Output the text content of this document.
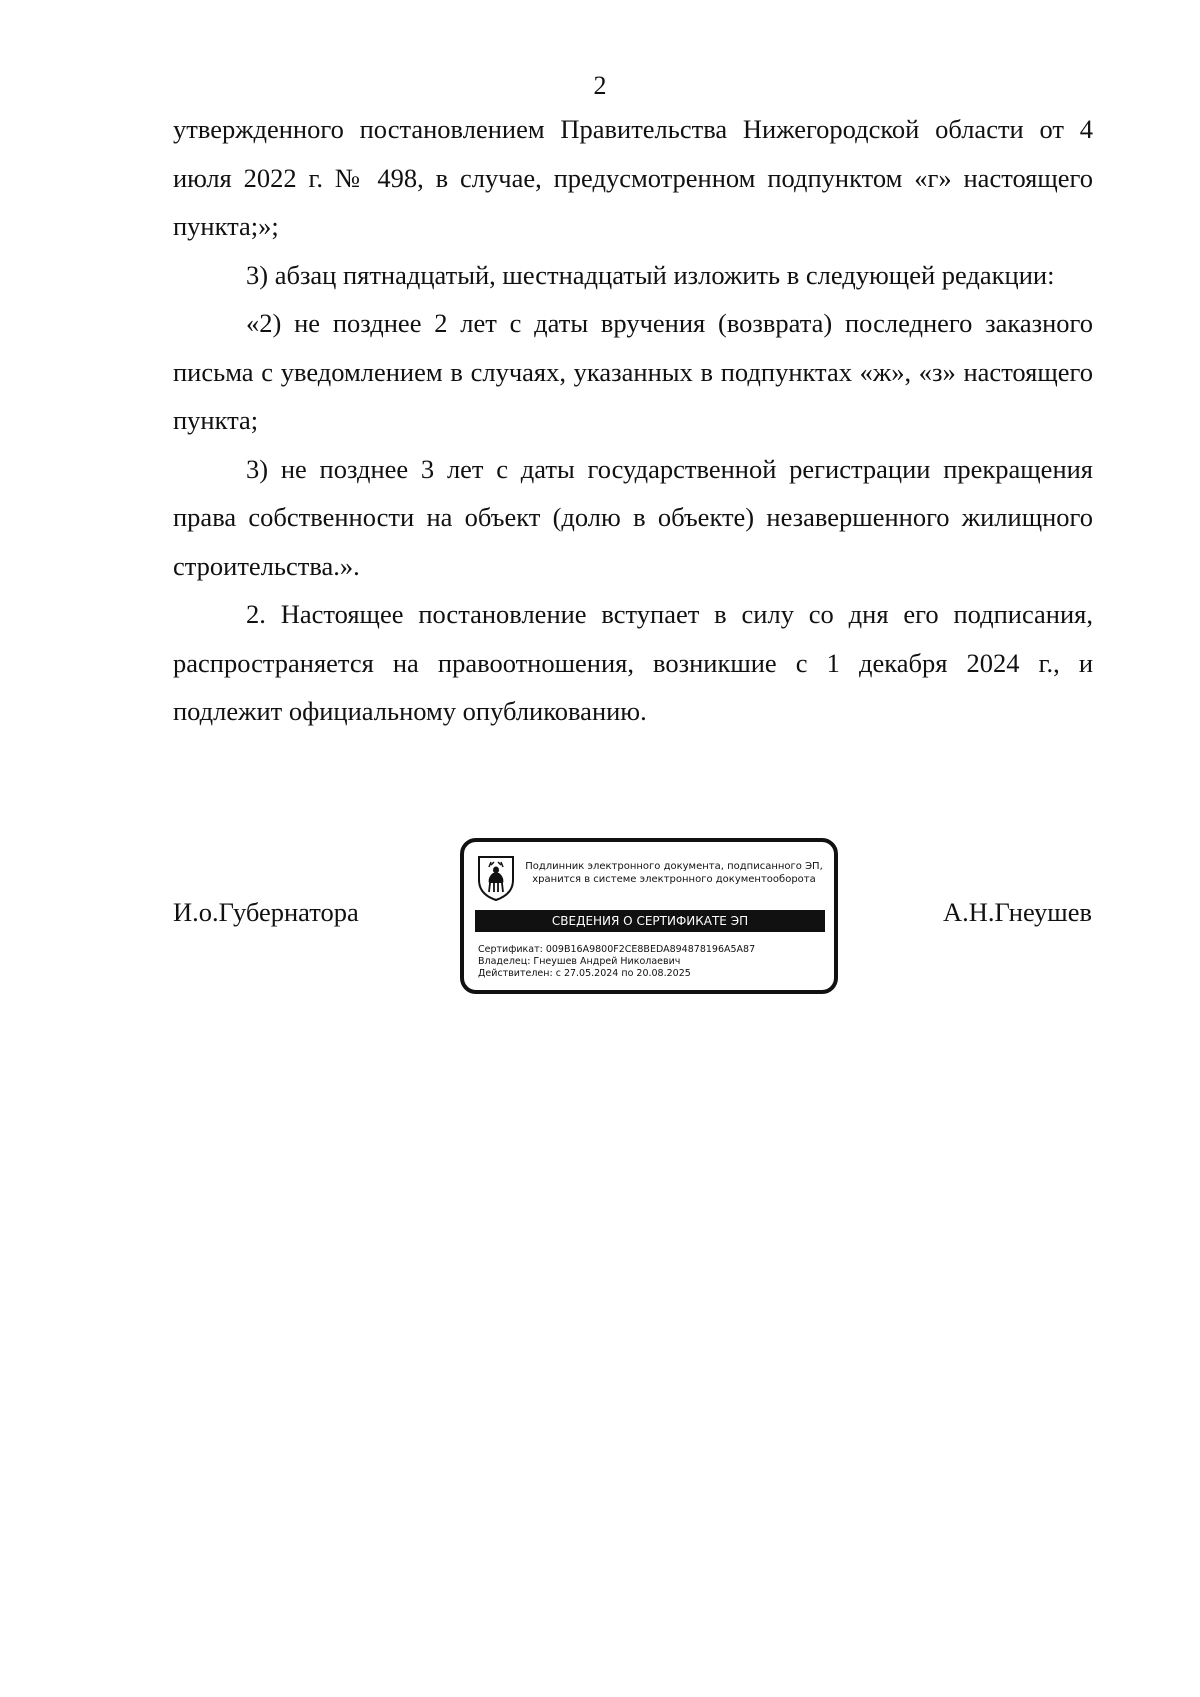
2

утвержденного постановлением Правительства Нижегородской области от 4 июля 2022 г. № 498, в случае, предусмотренном подпунктом «г» настоящего пункта;»;

3) абзац пятнадцатый, шестнадцатый изложить в следующей редакции:

«2) не позднее 2 лет с даты вручения (возврата) последнего заказного письма с уведомлением в случаях, указанных в подпунктах «ж», «з» настоящего пункта;

3) не позднее 3 лет с даты государственной регистрации прекращения права собственности на объект (долю в объекте) незавершенного жилищного строительства.».

2. Настоящее постановление вступает в силу со дня его подписания, распространяется на правоотношения, возникшие с 1 декабря 2024 г., и подлежит официальному опубликованию.

И.о.Губернатора
Подлинник электронного документа, подписанного ЭП,
хранится в системе электронного документооборота
СВЕДЕНИЯ О СЕРТИФИКАТЕ ЭП
Сертификат: 009B16A9800F2CE8BEDA894878196A5A87
Владелец: Гнеушев Андрей Николаевич
Действителен: с 27.05.2024 по 20.08.2025
А.Н.Гнеушев
